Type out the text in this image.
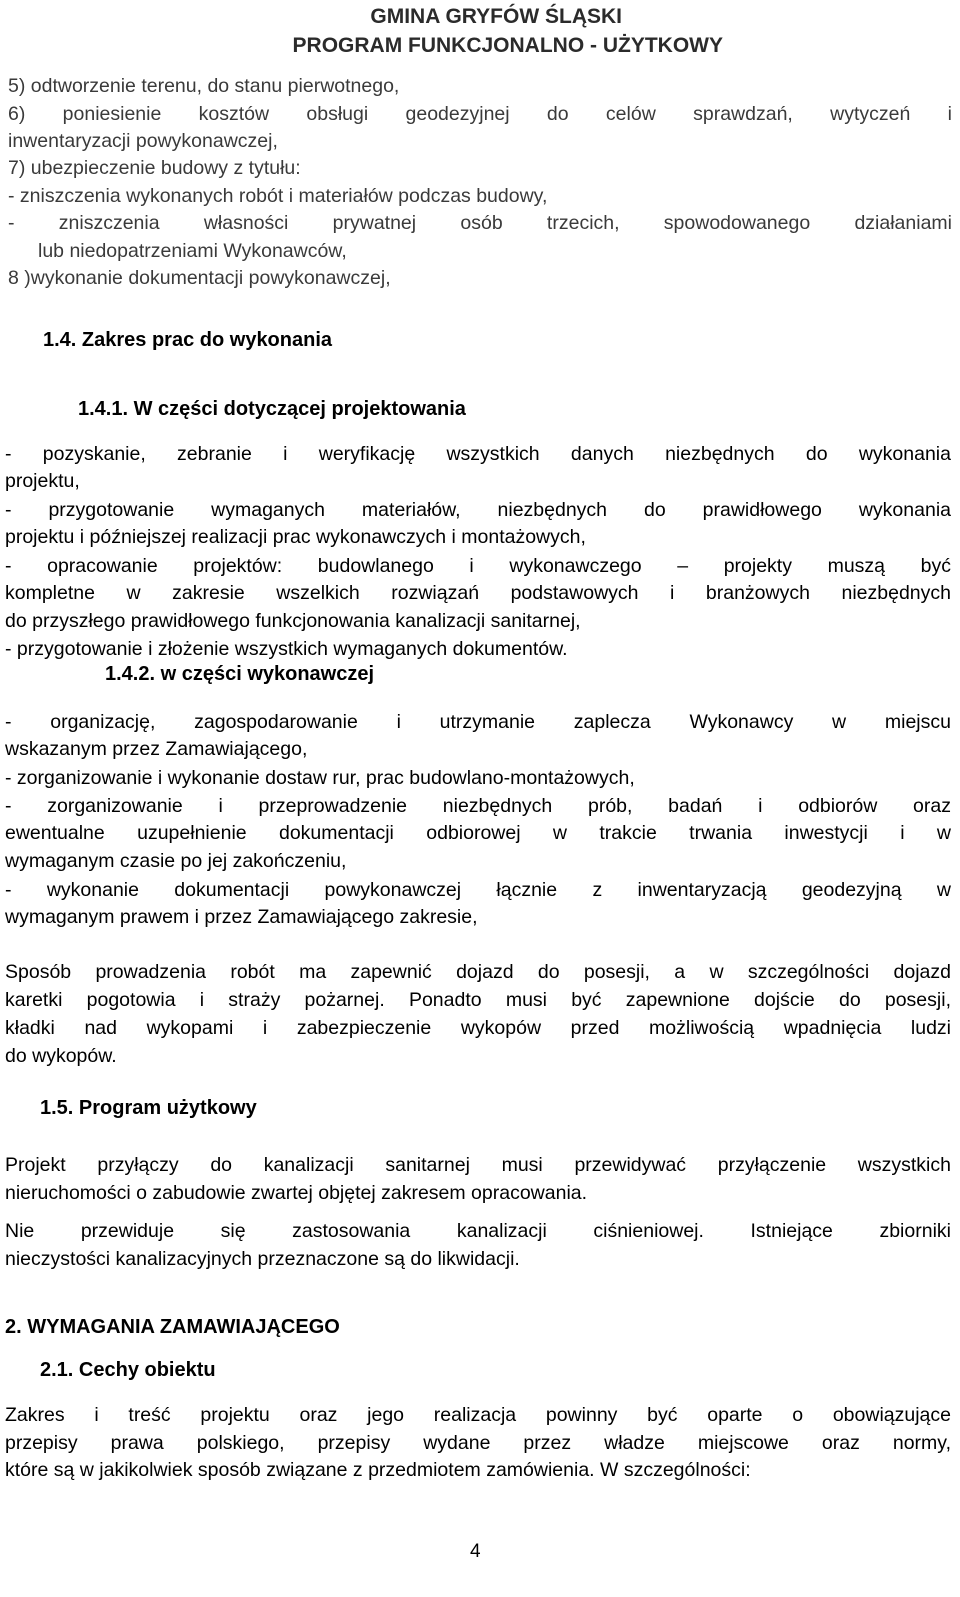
GMINA GRYFÓW ŚLĄSKI
PROGRAM FUNKCJONALNO - UŻYTKOWY
5) odtworzenie terenu, do stanu pierwotnego,
6) poniesienie kosztów obsługi geodezyjnej do celów sprawdzań, wytyczeń i
inwentaryzacji powykonawczej,
7) ubezpieczenie budowy z tytułu:
- zniszczenia wykonanych robót i materiałów podczas budowy,
- zniszczenia własności prywatnej osób trzecich, spowodowanego działaniami
lub niedopatrzeniami Wykonawców,
8 )wykonanie dokumentacji powykonawczej,
1.4. Zakres prac do wykonania
1.4.1. W części dotyczącej projektowania
- pozyskanie, zebranie i weryfikację wszystkich danych niezbędnych do wykonania
projektu,
- przygotowanie wymaganych materiałów, niezbędnych do prawidłowego wykonania
projektu i późniejszej realizacji prac wykonawczych i montażowych,
- opracowanie projektów: budowlanego i wykonawczego – projekty muszą być
kompletne w zakresie wszelkich rozwiązań podstawowych i branżowych niezbędnych
do przyszłego prawidłowego funkcjonowania kanalizacji sanitarnej,
- przygotowanie i złożenie wszystkich wymaganych dokumentów.
1.4.2. w części wykonawczej
- organizację, zagospodarowanie i utrzymanie zaplecza Wykonawcy w miejscu
wskazanym przez Zamawiającego,
- zorganizowanie i wykonanie dostaw rur, prac budowlano-montażowych,
- zorganizowanie i przeprowadzenie niezbędnych prób, badań i odbiorów oraz
ewentualne uzupełnienie dokumentacji odbiorowej w trakcie trwania inwestycji i w
wymaganym czasie po jej zakończeniu,
- wykonanie dokumentacji powykonawczej łącznie z inwentaryzacją geodezyjną w
wymaganym prawem i przez Zamawiającego zakresie,
Sposób prowadzenia robót ma zapewnić dojazd do posesji, a w szczególności dojazd
karetki pogotowia i straży pożarnej. Ponadto musi być zapewnione dojście do posesji,
kładki nad wykopami i zabezpieczenie wykopów przed możliwością wpadnięcia ludzi
do wykopów.
1.5. Program użytkowy
Projekt przyłączy do kanalizacji sanitarnej musi przewidywać przyłączenie wszystkich
nieruchomości o zabudowie zwartej objętej zakresem opracowania.
Nie przewiduje się zastosowania kanalizacji ciśnieniowej. Istniejące zbiorniki
nieczystości kanalizacyjnych przeznaczone są do likwidacji.
2. WYMAGANIA ZAMAWIAJĄCEGO
2.1. Cechy obiektu
Zakres i treść projektu oraz jego realizacja powinny być oparte o obowiązujące
przepisy prawa polskiego, przepisy wydane przez władze miejscowe oraz normy,
które są w jakikolwiek sposób związane z przedmiotem zamówienia. W szczególności:
4
